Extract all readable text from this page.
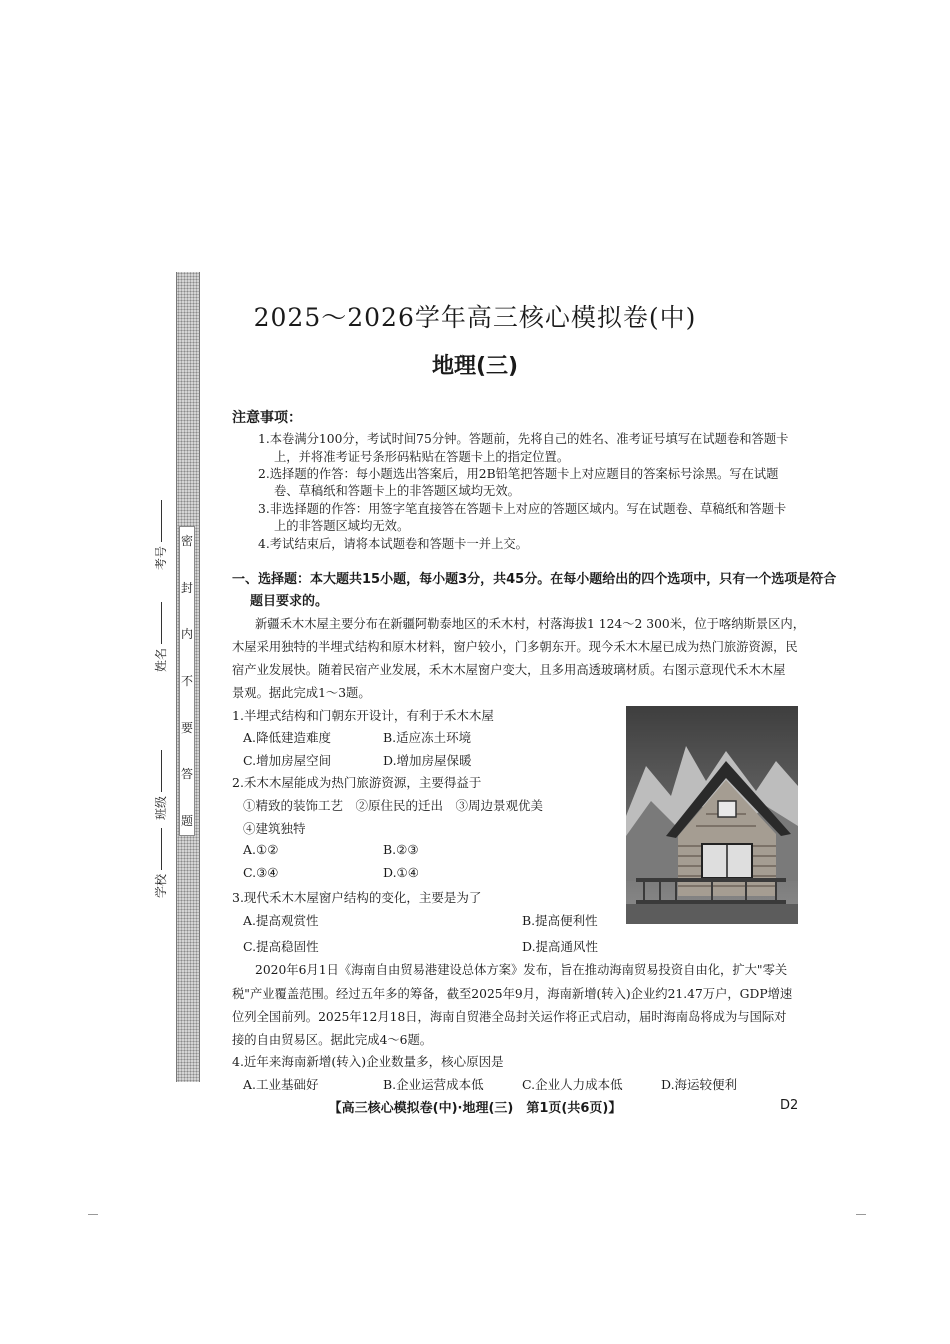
密
封
内
不
要
答
题
学校
班级
姓名
考号
2025～2026学年高三核心模拟卷(中)
地理(三)
注意事项：
1.本卷满分100分，考试时间75分钟。答题前，先将自己的姓名、准考证号填写在试题卷和答题卡
上，并将准考证号条形码粘贴在答题卡上的指定位置。
2.选择题的作答：每小题选出答案后，用2B铅笔把答题卡上对应题目的答案标号涂黑。写在试题
卷、草稿纸和答题卡上的非答题区域均无效。
3.非选择题的作答：用签字笔直接答在答题卡上对应的答题区域内。写在试题卷、草稿纸和答题卡
上的非答题区域均无效。
4.考试结束后，请将本试题卷和答题卡一并上交。
一、选择题：本大题共15小题，每小题3分，共45分。在每小题给出的四个选项中，只有一个选项是符合
题目要求的。
新疆禾木木屋主要分布在新疆阿勒泰地区的禾木村，村落海拔1 124～2 300米，位于喀纳斯景区内，
木屋采用独特的半埋式结构和原木材料，窗户较小，门多朝东开。现今禾木木屋已成为热门旅游资源，民
宿产业发展快。随着民宿产业发展，禾木木屋窗户变大，且多用高透玻璃材质。右图示意现代禾木木屋
景观。据此完成1～3题。
1.半埋式结构和门朝东开设计，有利于禾木木屋
A.降低建造难度	B.适应冻土环境
C.增加房屋空间	D.增加房屋保暖
2.禾木木屋能成为热门旅游资源，主要得益于
①精致的装饰工艺　②原住民的迁出　③周边景观优美
④建筑独特
A.①②	B.②③
C.③④	D.①④
3.现代禾木木屋窗户结构的变化，主要是为了
A.提高观赏性	B.提高便利性
C.提高稳固性	D.提高通风性
2020年6月1日《海南自由贸易港建设总体方案》发布，旨在推动海南贸易投资自由化，扩大"零关
税"产业覆盖范围。经过五年多的筹备，截至2025年9月，海南新增(转入)企业约21.47万户，GDP增速
位列全国前列。2025年12月18日，海南自贸港全岛封关运作将正式启动，届时海南岛将成为与国际对
接的自由贸易区。据此完成4～6题。
4.近年来海南新增(转入)企业数量多，核心原因是
A.工业基础好	B.企业运营成本低	C.企业人力成本低	D.海运较便利
【高三核心模拟卷(中)·地理(三)　第1页(共6页)】	D2
